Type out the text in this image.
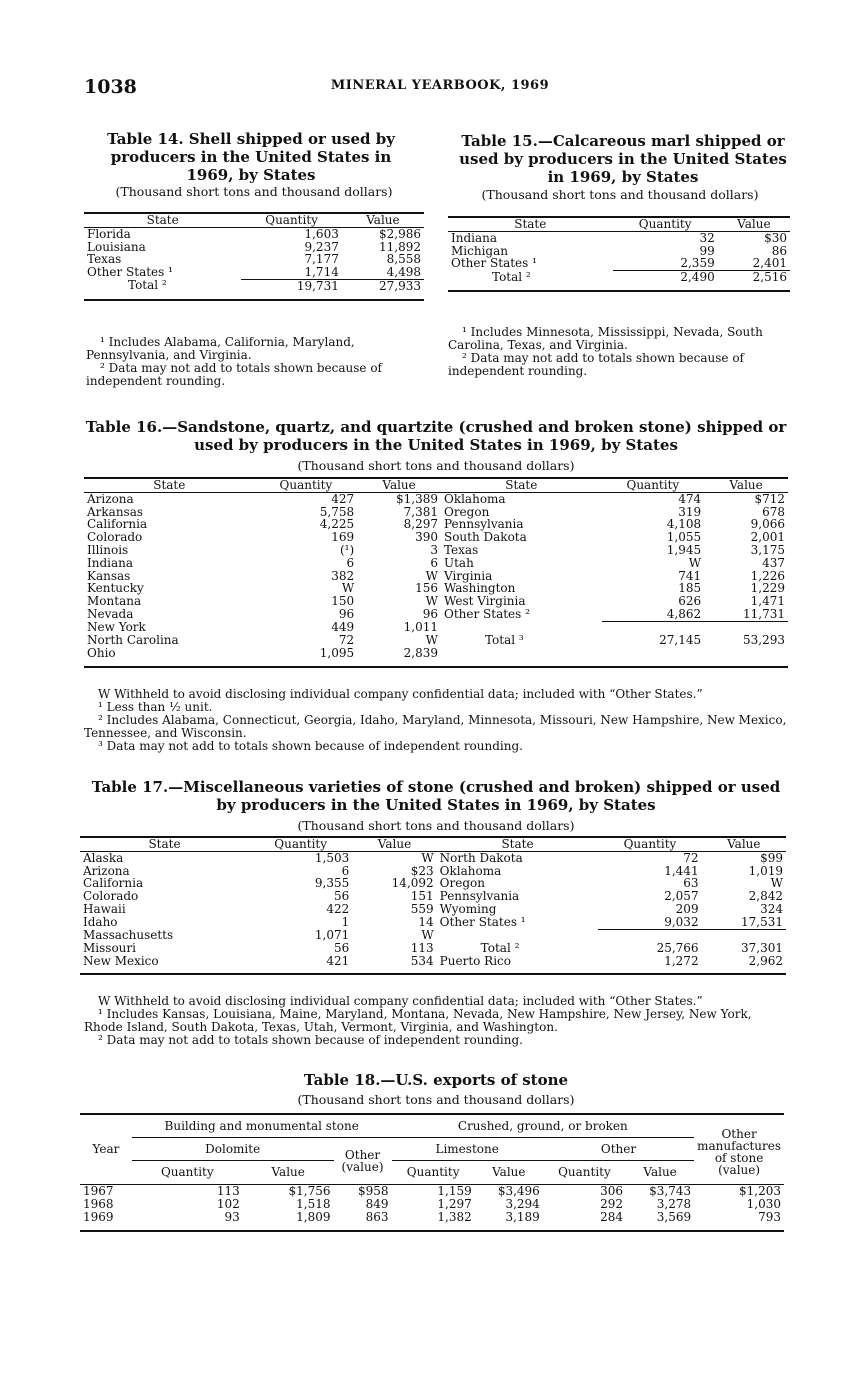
1038	MINERAL YEARBOOK, 1969
Table 14. Shell shipped or used by producers in the United States in 1969, by States
(Thousand short tons and thousand dollars)
State	Quantity	Value
Florida	1,603	$2,986
Louisiana	9,237	11,892
Texas	7,177	8,558
Other States ¹	1,714	4,498
Total ²	19,731	27,933
¹ Includes Alabama, California, Maryland, Pennsylvania, and Virginia.
² Data may not add to totals shown because of independent rounding.
Table 15.—Calcareous marl shipped or used by producers in the United States in 1969, by States
(Thousand short tons and thousand dollars)
State	Quantity	Value
Indiana	32	$30
Michigan	99	86
Other States ¹	2,359	2,401
Total ²	2,490	2,516
¹ Includes Minnesota, Mississippi, Nevada, South Carolina, Texas, and Virginia.
² Data may not add to totals shown because of independent rounding.
Table 16.—Sandstone, quartz, and quartzite (crushed and broken stone) shipped or
used by producers in the United States in 1969, by States
(Thousand short tons and thousand dollars)
State	Quantity	Value	State	Quantity	Value
Arizona	427	$1,389	Oklahoma	474	$712
Arkansas	5,758	7,381	Oregon	319	678
California	4,225	8,297	Pennsylvania	4,108	9,066
Colorado	169	390	South Dakota	1,055	2,001
Illinois	(¹)	3	Texas	1,945	3,175
Indiana	6	6	Utah	W	437
Kansas	382	W	Virginia	741	1,226
Kentucky	W	156	Washington	185	1,229
Montana	150	W	West Virginia	626	1,471
Nevada	96	96	Other States ²	4,862	11,731
New York	449	1,011			
North Carolina	72	W	Total ³	27,145	53,293
Ohio	1,095	2,839			
W Withheld to avoid disclosing individual company confidential data; included with “Other States.”
¹ Less than ½ unit.
² Includes Alabama, Connecticut, Georgia, Idaho, Maryland, Minnesota, Missouri, New Hampshire, New Mexico, Tennessee, and Wisconsin.
³ Data may not add to totals shown because of independent rounding.
Table 17.—Miscellaneous varieties of stone (crushed and broken) shipped or used
by producers in the United States in 1969, by States
(Thousand short tons and thousand dollars)
State	Quantity	Value	State	Quantity	Value
Alaska	1,503	W	North Dakota	72	$99
Arizona	6	$23	Oklahoma	1,441	1,019
California	9,355	14,092	Oregon	63	W
Colorado	56	151	Pennsylvania	2,057	2,842
Hawaii	422	559	Wyoming	209	324
Idaho	1	14	Other States ¹	9,032	17,531
Massachusetts	1,071	W			
Missouri	56	113	Total ²	25,766	37,301
New Mexico	421	534	Puerto Rico	1,272	2,962
W Withheld to avoid disclosing individual company confidential data; included with “Other States.”
¹ Includes Kansas, Louisiana, Maine, Maryland, Montana, Nevada, New Hampshire, New Jersey, New York, Rhode Island, South Dakota, Texas, Utah, Vermont, Virginia, and Washington.
² Data may not add to totals shown because of independent rounding.
Table 18.—U.S. exports of stone
(Thousand short tons and thousand dollars)
Year	Building and monumental stone			Crushed, ground, or broken				Other manufactures of stone (value)
	Dolomite		Other (value)	Limestone		Other		
	Quantity	Value		Quantity	Value	Quantity	Value	
1967	113	$1,756	$958	1,159	$3,496	306	$3,743	$1,203
1968	102	1,518	849	1,297	3,294	292	3,278	1,030
1969	93	1,809	863	1,382	3,189	284	3,569	793
